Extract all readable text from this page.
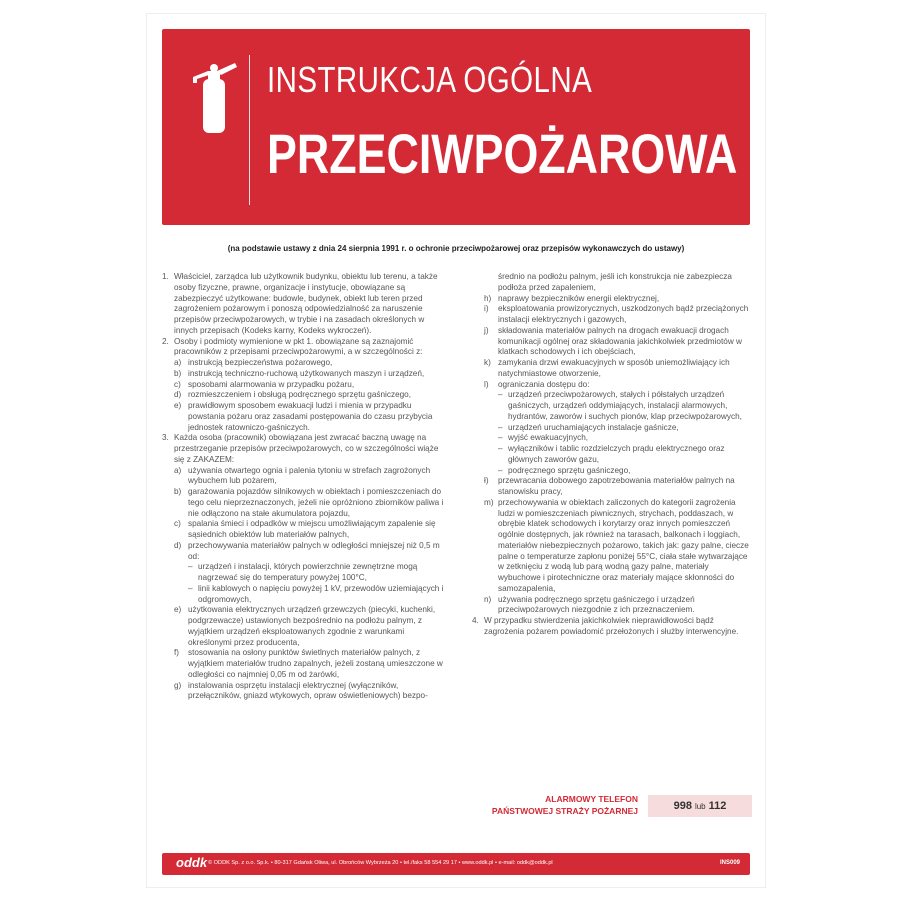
INSTRUKCJA OGÓLNA
PRZECIWPOŻAROWA
(na podstawie ustawy z dnia 24 sierpnia 1991 r. o ochronie przeciwpożarowej oraz przepisów wykonawczych do ustawy)
1. Właściciel, zarządca lub użytkownik budynku, obiektu lub terenu, a także osoby fizyczne, prawne, organizacje i instytucje, obowiązane są zabezpieczyć użytkowane: budowle, budynek, obiekt lub teren przed zagrożeniem pożarowym i ponoszą odpowiedzialność za naruszenie przepisów przeciwpożarowych, w trybie i na zasadach określonych w innych przepisach (Kodeks karny, Kodeks wykroczeń).
2. Osoby i podmioty wymienione w pkt 1. obowiązane są zaznajomić pracowników z przepisami przeciwpożarowymi, a w szczególności z:
a) instrukcją bezpieczeństwa pożarowego,
b) instrukcją techniczno-ruchową użytkowanych maszyn i urządzeń,
c) sposobami alarmowania w przypadku pożaru,
d) rozmieszczeniem i obsługą podręcznego sprzętu gaśniczego,
e) prawidłowym sposobem ewakuacji ludzi i mienia w przypadku powstania pożaru oraz zasadami postępowania do czasu przybycia jednostek ratowniczo-gaśniczych.
3. Każda osoba (pracownik) obowiązana jest zwracać baczną uwagę na przestrzeganie przepisów przeciwpożarowych, co w szczególności wiąże się z ZAKAZEM:
a) używania otwartego ognia i palenia tytoniu w strefach zagrożonych wybuchem lub pożarem,
b) garażowania pojazdów silnikowych w obiektach i pomieszczeniach do tego celu nieprzeznaczonych, jeżeli nie opróżniono zbiorników paliwa i nie odłączono na stałe akumulatora pojazdu,
c) spalania śmieci i odpadków w miejscu umożliwiającym zapalenie się sąsiednich obiektów lub materiałów palnych,
d) przechowywania materiałów palnych w odległości mniejszej niż 0,5 m od:
– urządzeń i instalacji, których powierzchnie zewnętrzne mogą nagrzewać się do temperatury powyżej 100°C,
– linii kablowych o napięciu powyżej 1 kV, przewodów uziemiających i odgromowych,
e) użytkowania elektrycznych urządzeń grzewczych (piecyki, kuchenki, podgrzewacze) ustawionych bezpośrednio na podłożu palnym, z wyjątkiem urządzeń eksploatowanych zgodnie z warunkami określonymi przez producenta,
f) stosowania na osłony punktów świetlnych materiałów palnych, z wyjątkiem materiałów trudno zapalnych, jeżeli zostaną umieszczone w odległości co najmniej 0,05 m od żarówki,
g) instalowania osprzętu instalacji elektrycznej (wyłączników, przełączników, gniazd wtykowych, opraw oświetleniowych) bezpo-
średnio na podłożu palnym, jeśli ich konstrukcja nie zabezpiecza podłoża przed zapaleniem,
h) naprawy bezpieczników energii elektrycznej,
i) eksploatowania prowizorycznych, uszkodzonych bądź przeciążonych instalacji elektrycznych i gazowych,
j) składowania materiałów palnych na drogach ewakuacji drogach komunikacji ogólnej oraz składowania jakichkolwiek przedmiotów w klatkach schodowych i ich obejściach,
k) zamykania drzwi ewakuacyjnych w sposób uniemożliwiający ich natychmiastowe otworzenie,
l) ograniczania dostępu do:
– urządzeń przeciwpożarowych, stałych i półstałych urządzeń gaśniczych, urządzeń oddymiających, instalacji alarmowych, hydrantów, zaworów i suchych pionów, klap przeciwpożarowych,
– urządzeń uruchamiających instalacje gaśnicze,
– wyjść ewakuacyjnych,
– wyłączników i tablic rozdzielczych prądu elektrycznego oraz głównych zaworów gazu,
– podręcznego sprzętu gaśniczego,
ł) przewracania dobowego zapotrzebowania materiałów palnych na stanowisku pracy,
m) przechowywania w obiektach zaliczonych do kategorii zagrożenia ludzi w pomieszczeniach piwnicznych, strychach, poddaszach, w obrębie klatek schodowych i korytarzy oraz innych pomieszczeń ogólnie dostępnych, jak również na tarasach, balkonach i loggiach, materiałów niebezpiecznych pożarowo, takich jak: gazy palne, ciecze palne o temperaturze zapłonu poniżej 55°C, ciała stałe wytwarzające w zetknięciu z wodą lub parą wodną gazy palne, materiały wybuchowe i pirotechniczne oraz materiały mające skłonności do samozapalenia,
n) używania podręcznego sprzętu gaśniczego i urządzeń przeciwpożarowych niezgodnie z ich przeznaczeniem.
4. W przypadku stwierdzenia jakichkolwiek nieprawidłowości bądź zagrożenia pożarem powiadomić przełożonych i służby interwencyjne.
ALARMOWY TELEFON
PAŃSTWOWEJ STRAŻY POŻARNEJ	998 lub 112
oddk © ODDK Sp. z o.o. Sp.k. • 80-317 Gdańsk Oliwa, ul. Obrońców Wybrzeża 20 • tel./faks 58 554 29 17 • www.oddk.pl • e-mail: oddk@oddk.pl	INS009
